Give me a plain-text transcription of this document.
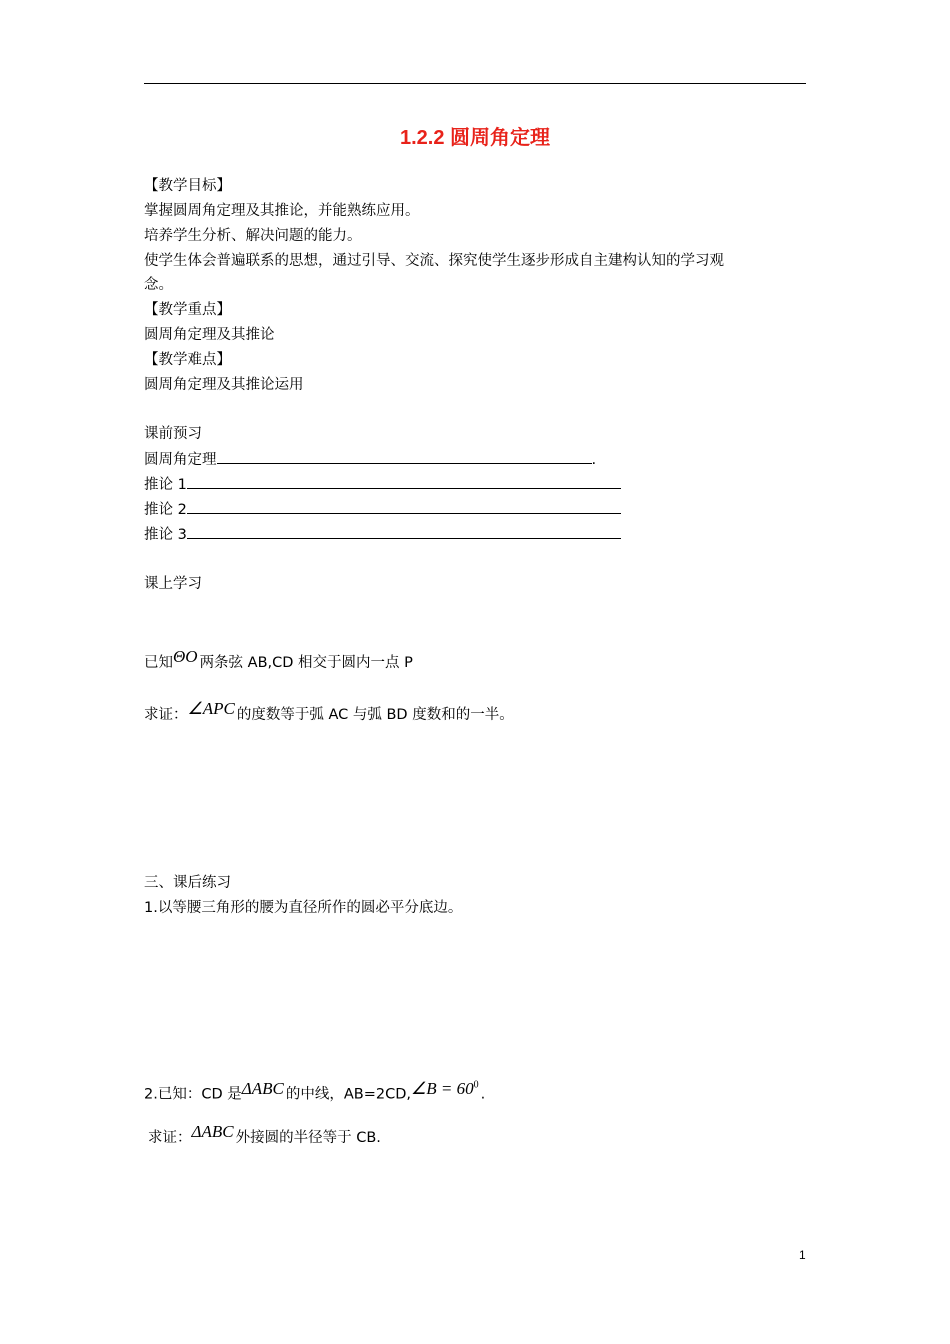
1.2.2 圆周角定理
【教学目标】
掌握圆周角定理及其推论，并能熟练应用。
培养学生分析、解决问题的能力。
使学生体会普遍联系的思想，通过引导、交流、探究使学生逐步形成自主建构认知的学习观
念。
【教学重点】
圆周角定理及其推论
【教学难点】
圆周角定理及其推论运用
课前预习
圆周角定理	.
推论 1
推论 2
推论 3
课上学习
已知ΘO 两条弦 AB,CD 相交于圆内一点 P
求证：∠APC 的度数等于弧 AC 与弧 BD 度数和的一半。
三、课后练习
1.以等腰三角形的腰为直径所作的圆必平分底边。
2.已知：CD 是ΔABC 的中线，AB=2CD,∠B = $60^0$.
求证：ΔABC 外接圆的半径等于 CB.
1
